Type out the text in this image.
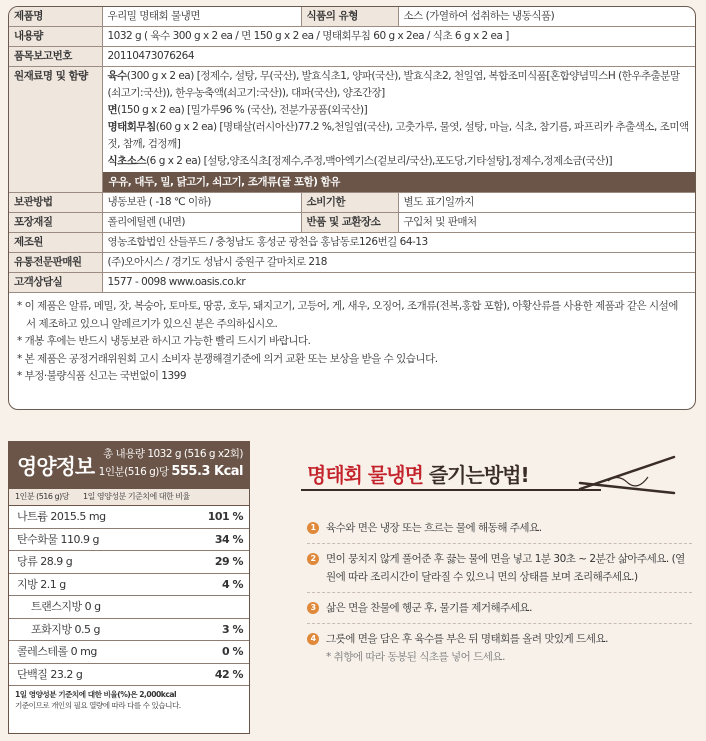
제품명	우리밀 명태회 물냉면	식품의 유형	소스 (가열하여 섭취하는 냉동식품)
내용량	1032 g ( 육수 300 g x 2 ea / 면 150 g x 2 ea / 명태회무침 60 g x 2ea / 식초 6 g x 2 ea ]		
품목보고번호	20110473076264		
원재료명 및 함량	육수(300 g x 2 ea) [정제수, 설탕, 무(국산), 발효식초1, 양파(국산), 발효식초2, 천일염, 복합조미식품[혼합양념믹스H (한우추출분말 (쇠고기:국산)), 한우농축액(쇠고기:국산)), 대파(국산), 양조간장]
면(150 g x 2 ea) [밀가루96 % (국산), 전분가공품(외국산)]
명태회무침(60 g x 2 ea) [명태살(러시아산)77.2 %,천일염(국산), 고춧가루, 물엿, 설탕, 마늘, 식초, 참기름, 파프리카 추출색소, 조미액젓, 참깨, 검정깨]
식초소스(6 g x 2 ea) [설탕,양조식초[정제수,주정,맥아엑기스(겉보리/국산),포도당,기타설탕],정제수,정제소금(국산)]
우유, 대두, 밀, 닭고기, 쇠고기, 조개류(굴 포함) 함유		

보관방법	냉동보관 ( -18 ℃ 이하)	소비기한	별도 표기일까지
포장재질	폴리에틸렌 (내면)	반품 및 교환장소	구입처 및 판매처
제조원	영농조합법인 산들푸드 / 충청남도 홍성군 광천읍 홍남동로126번길 64-13		
유통전문판매원	(주)오아시스 / 경기도 성남시 중원구 갈마치로 218		
고객상담실	1577 - 0098 www.oasis.co.kr		
* 이 제품은 알류, 메밀, 잣, 복숭아, 토마토, 땅콩, 호두, 돼지고기, 고등어, 게, 새우, 오징어, 조개류(전복,홍합 포함), 아황산류를 사용한 제품과 같은 시설에서 제조하고 있으니 알레르기가 있으신 분은 주의하십시오.
* 개봉 후에는 반드시 냉동보관 하시고 가능한 빨리 드시기 바랍니다.
* 본 제품은 공정거래위원회 고시 소비자 분쟁해결기준에 의거 교환 또는 보상을 받을 수 있습니다.
* 부정·불량식품 신고는 국번없이 1399
영양정보
총 내용량 1032 g (516 g x2회)
1인분(516 g)당 555.3 Kcal
1인분 (516 g)당	1일 영양성분 기준치에 대한 비율
나트륨 2015.5 mg	101 %
탄수화물 110.9 g	34 %
당류 28.9 g	29 %
지방 2.1 g	4 %
트랜스지방 0 g
포화지방 0.5 g	3 %
콜레스테롤 0 mg	0 %
단백질 23.2 g	42 %
1일 영양성분 기준치에 대한 비율(%)은 2,000kcal
기준이므로 개인의 필요 열량에 따라 다를 수 있습니다.
명태회 물냉면 즐기는방법!
1 육수와 면은 냉장 또는 흐르는 물에 해동해 주세요.
2 면이 뭉치지 않게 풀어준 후 끓는 물에 면을 넣고 1분 30초 ~ 2분간 삶아주세요. (열원에 따라 조리시간이 달라질 수 있으니 면의 상태를 보며 조리해주세요.)
3 삶은 면을 찬물에 헹군 후, 물기를 제거해주세요.
4 그릇에 면을 담은 후 육수를 부은 뒤 명태회를 올려 맛있게 드세요.
* 취향에 따라 동봉된 식초를 넣어 드세요.
